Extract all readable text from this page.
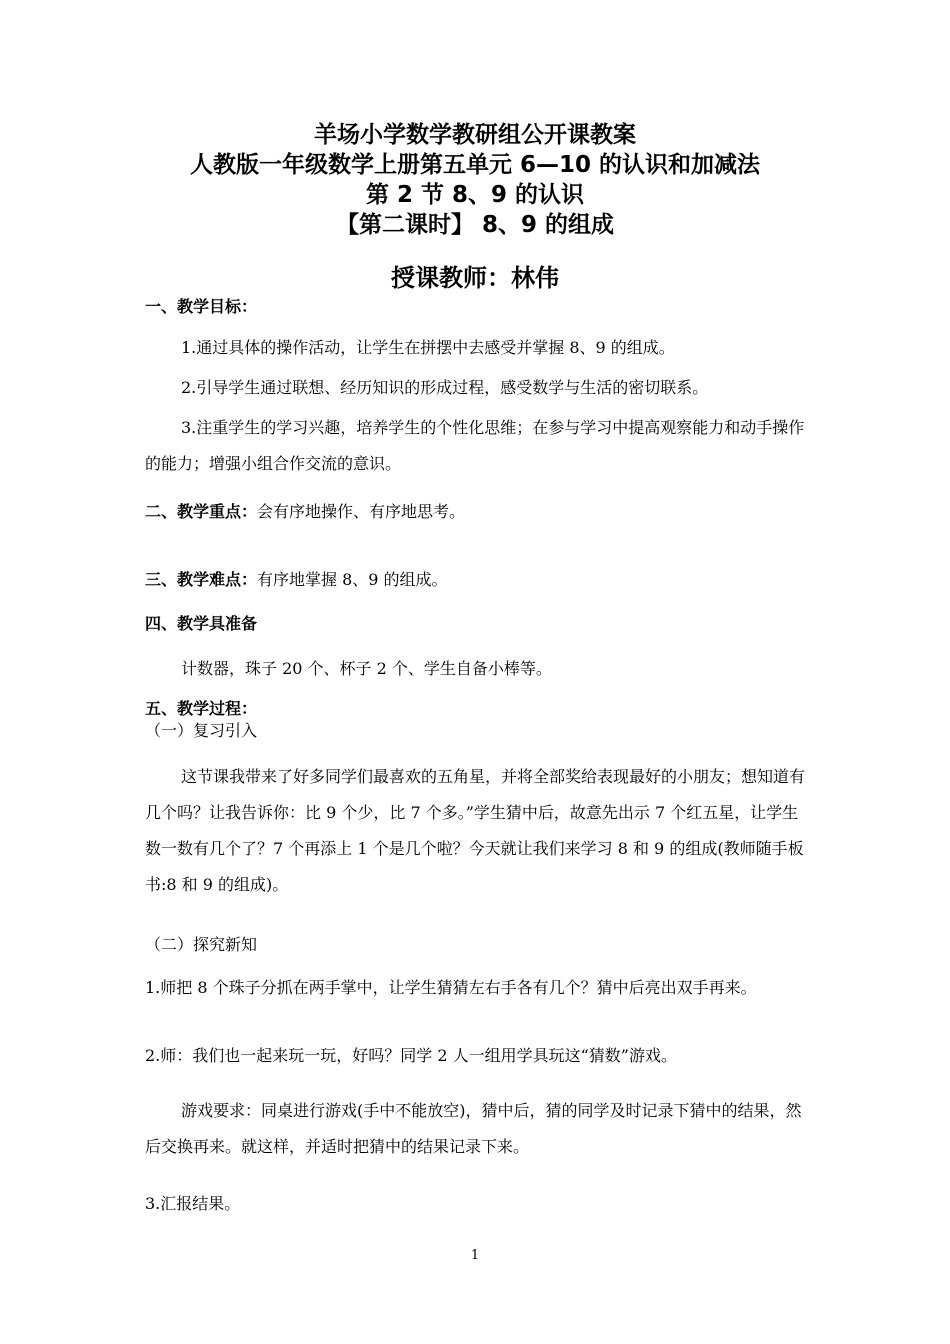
羊场小学数学教研组公开课教案
人教版一年级数学上册第五单元 6—10 的认识和加减法
第 2 节 8、9 的认识
【第二课时】 8、9 的组成
授课教师：林伟
一、教学目标：
1.通过具体的操作活动，让学生在拼摆中去感受并掌握 8、9 的组成。
2.引导学生通过联想、经历知识的形成过程，感受数学与生活的密切联系。
3.注重学生的学习兴趣，培养学生的个性化思维；在参与学习中提高观察能力和动手操作的能力；增强小组合作交流的意识。
二、教学重点：会有序地操作、有序地思考。
三、教学难点：有序地掌握 8、9 的组成。
四、教学具准备
计数器，珠子 20 个、杯子 2 个、学生自备小棒等。
五、教学过程：
（一）复习引入
这节课我带来了好多同学们最喜欢的五角星，并将全部奖给表现最好的小朋友；想知道有几个吗？让我告诉你：比 9 个少，比 7 个多。”学生猜中后，故意先出示 7 个红五星，让学生数一数有几个了？7 个再添上 1 个是几个啦？今天就让我们来学习 8 和 9 的组成(教师随手板书:8 和 9 的组成)。
（二）探究新知
1.师把 8 个珠子分抓在两手掌中，让学生猜猜左右手各有几个？猜中后亮出双手再来。
2.师：我们也一起来玩一玩，好吗？同学 2 人一组用学具玩这“猜数”游戏。
游戏要求：同桌进行游戏(手中不能放空)，猜中后，猜的同学及时记录下猜中的结果，然后交换再来。就这样，并适时把猜中的结果记录下来。
3.汇报结果。
1
